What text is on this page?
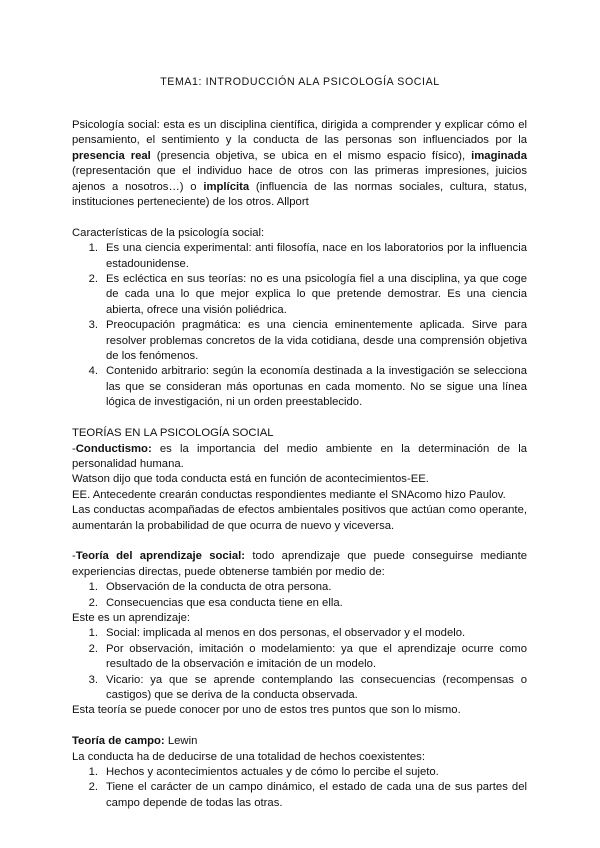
TEMA1: INTRODUCCIÓN ALA PSICOLOGÍA SOCIAL

Psicología social: esta es un disciplina científica, dirigida a comprender y explicar cómo el pensamiento, el sentimiento y la conducta de las personas son influenciados por la presencia real (presencia objetiva, se ubica en el mismo espacio físico), imaginada (representación que el individuo hace de otros con las primeras impresiones, juicios ajenos a nosotros…) o implícita (influencia de las normas sociales, cultura, status, instituciones perteneciente) de los otros. Allport

Características de la psicología social:

1. Es una ciencia experimental: anti filosofía, nace en los laboratorios por la influencia estadounidense.
2. Es ecléctica en sus teorías: no es una psicología fiel a una disciplina, ya que coge de cada una lo que mejor explica lo que pretende demostrar. Es una ciencia abierta, ofrece una visión poliédrica.
3. Preocupación pragmática: es una ciencia eminentemente aplicada. Sirve para resolver problemas concretos de la vida cotidiana, desde una comprensión objetiva de los fenómenos.
4. Contenido arbitrario: según la economía destinada a la investigación se selecciona las que se consideran más oportunas en cada momento. No se sigue una línea lógica de investigación, ni un orden preestablecido.

TEORÍAS EN LA PSICOLOGÍA SOCIAL

-Conductismo: es la importancia del medio ambiente en la determinación de la personalidad humana.

Watson dijo que toda conducta está en función de acontecimientos-EE.

EE. Antecedente crearán conductas respondientes mediante el SNAcomo hizo Paulov.

Las conductas acompañadas de efectos ambientales positivos que actúan como operante, aumentarán la probabilidad de que ocurra de nuevo y viceversa.

-Teoría del aprendizaje social: todo aprendizaje que puede conseguirse mediante experiencias directas, puede obtenerse también por medio de:

1. Observación de la conducta de otra persona.
2. Consecuencias que esa conducta tiene en ella.

Este es un aprendizaje:

1. Social: implicada al menos en dos personas, el observador y el modelo.
2. Por observación, imitación o modelamiento: ya que el aprendizaje ocurre como resultado de la observación e imitación de un modelo.
3. Vicario: ya que se aprende contemplando las consecuencias (recompensas o castigos) que se deriva de la conducta observada.

Esta teoría se puede conocer por uno de estos tres puntos que son lo mismo.

Teoría de campo: Lewin

La conducta ha de deducirse de una totalidad de hechos coexistentes:

1. Hechos y acontecimientos actuales y de cómo lo percibe el sujeto.
2. Tiene el carácter de un campo dinámico, el estado de cada una de sus partes del campo depende de todas las otras.
